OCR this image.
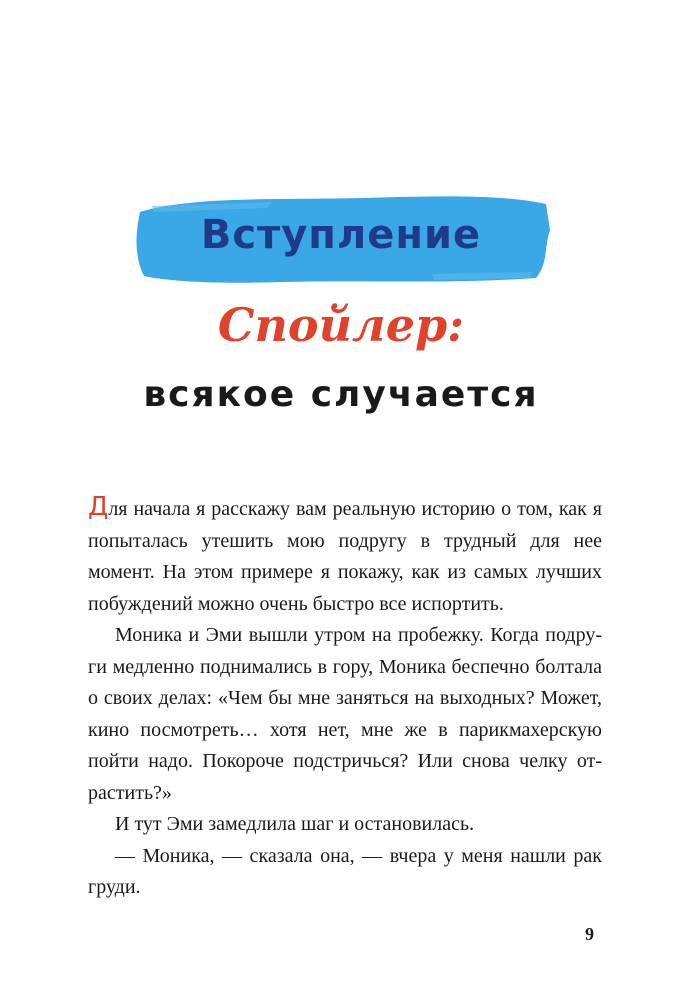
Вступление
Спойлер:
всякое случается

Для начала я расскажу вам реальную историю о том, как я попыталась утешить мою подругу в трудный для нее момент. На этом примере я покажу, как из самых лучших побуждений можно очень быстро все испортить.

Моника и Эми вышли утром на пробежку. Когда подру-ги медленно поднимались в гору, Моника беспечно болтала о своих делах: «Чем бы мне заняться на выходных? Может, кино посмотреть… хотя нет, мне же в парикмахерскую пойти надо. Покороче подстричься? Или снова челку от-растить?»

И тут Эми замедлила шаг и остановилась.

— Моника, — сказала она, — вчера у меня нашли рак груди.

9
